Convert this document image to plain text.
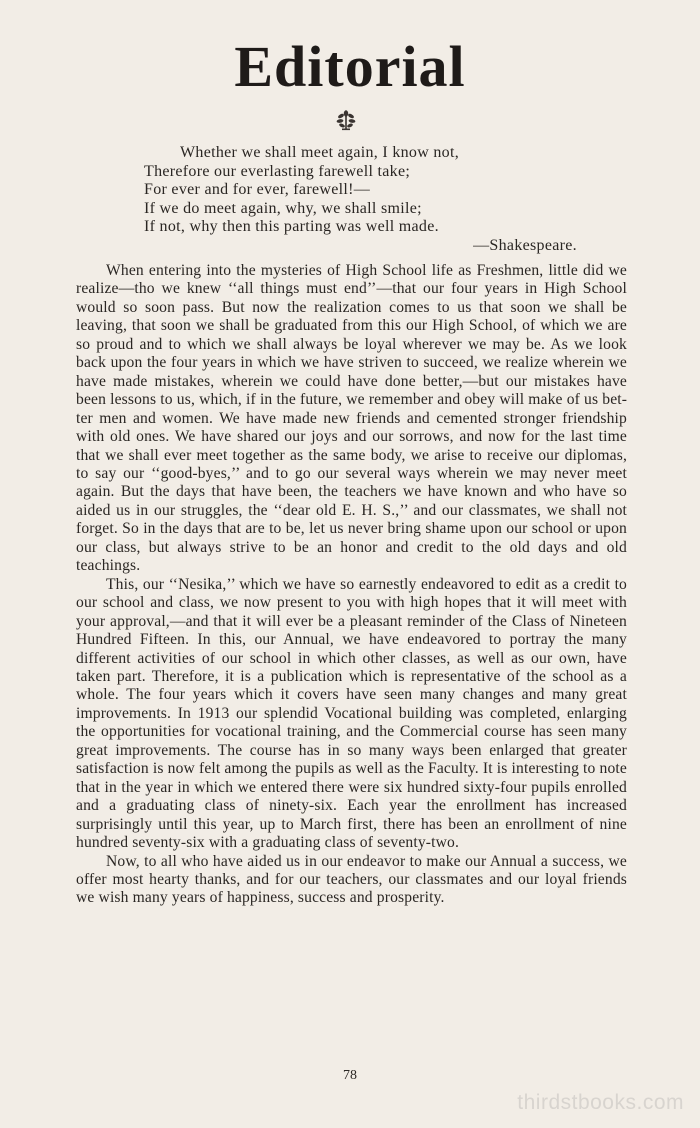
Editorial
Whether we shall meet again, I know not,
Therefore our everlasting farewell take;
For ever and for ever, farewell!—
If we do meet again, why, we shall smile;
If not, why then this parting was well made.
—Shakespeare.

When entering into the mysteries of High School life as Freshmen, little did we realize—tho we knew ‘‘all things must end’’—that our four years in High School would so soon pass. But now the realization comes to us that soon we shall be leaving, that soon we shall be graduated from this our High School, of which we are so proud and to which we shall always be loyal wherever we may be. As we look back upon the four years in which we have striven to succeed, we realize wherein we have made mistakes, wherein we could have done better,—but our mistakes have been lessons to us, which, if in the future, we remember and obey will make of us better men and women. We have made new friends and cemented stronger friendship with old ones. We have shared our joys and our sorrows, and now for the last time that we shall ever meet together as the same body, we arise to receive our diplomas, to say our ‘‘good-byes,’’ and to go our several ways wherein we may never meet again. But the days that have been, the teachers we have known and who have so aided us in our struggles, the ‘‘dear old E. H. S.,’’ and our classmates, we shall not forget. So in the days that are to be, let us never bring shame upon our school or upon our class, but always strive to be an honor and credit to the old days and old teachings.

This, our ‘‘Nesika,’’ which we have so earnestly endeavored to edit as a credit to our school and class, we now present to you with high hopes that it will meet with your approval,—and that it will ever be a pleasant reminder of the Class of Nineteen Hundred Fifteen. In this, our Annual, we have endeavored to portray the many different activities of our school in which other classes, as well as our own, have taken part. Therefore, it is a publication which is representative of the school as a whole. The four years which it covers have seen many changes and many great improvements. In 1913 our splendid Vocational building was completed, enlarging the opportunities for vocational training, and the Commercial course has seen many great improvements. The course has in so many ways been enlarged that greater satisfaction is now felt among the pupils as well as the Faculty. It is interesting to note that in the year in which we entered there were six hundred sixty-four pupils enrolled and a graduating class of ninety-six. Each year the enrollment has increased surprisingly until this year, up to March first, there has been an enrollment of nine hundred seventy-six with a graduating class of seventy-two.

Now, to all who have aided us in our endeavor to make our Annual a success, we offer most hearty thanks, and for our teachers, our classmates and our loyal friends we wish many years of happiness, success and prosperity.

78
thirdstbooks.com
